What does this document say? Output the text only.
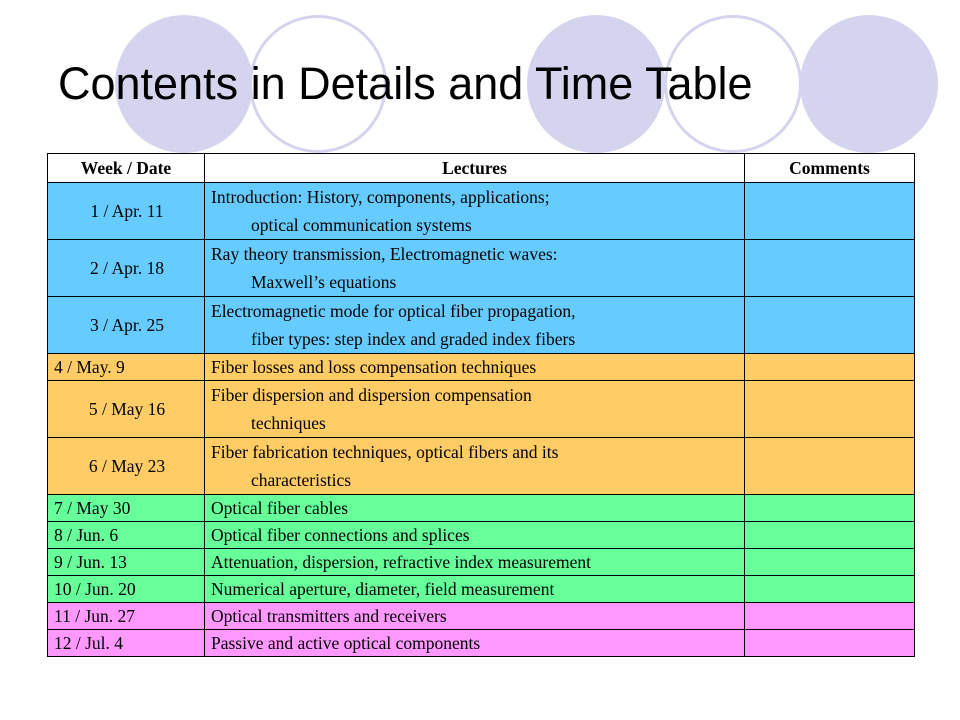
Contents in Details and Time Table
Week / Date	Lectures	Comments
1 / Apr. 11	Introduction: History, components, applications;
optical communication systems	

2 / Apr. 18	Ray theory transmission, Electromagnetic waves:
Maxwell’s equations	

3 / Apr. 25	Electromagnetic mode for optical fiber propagation,
fiber types: step index and graded index fibers	

4 / May. 9	Fiber losses and loss compensation techniques	
5 / May 16	Fiber dispersion and dispersion compensation
techniques	

6 / May 23	Fiber fabrication techniques, optical fibers and its
characteristics	

7 / May 30	Optical fiber cables	
8 / Jun. 6	Optical fiber connections and splices	
9 / Jun. 13	Attenuation, dispersion, refractive index measurement	
10 / Jun. 20	Numerical aperture, diameter, field measurement	
11 / Jun. 27	Optical transmitters and receivers	
12 / Jul. 4	Passive and active optical components	
